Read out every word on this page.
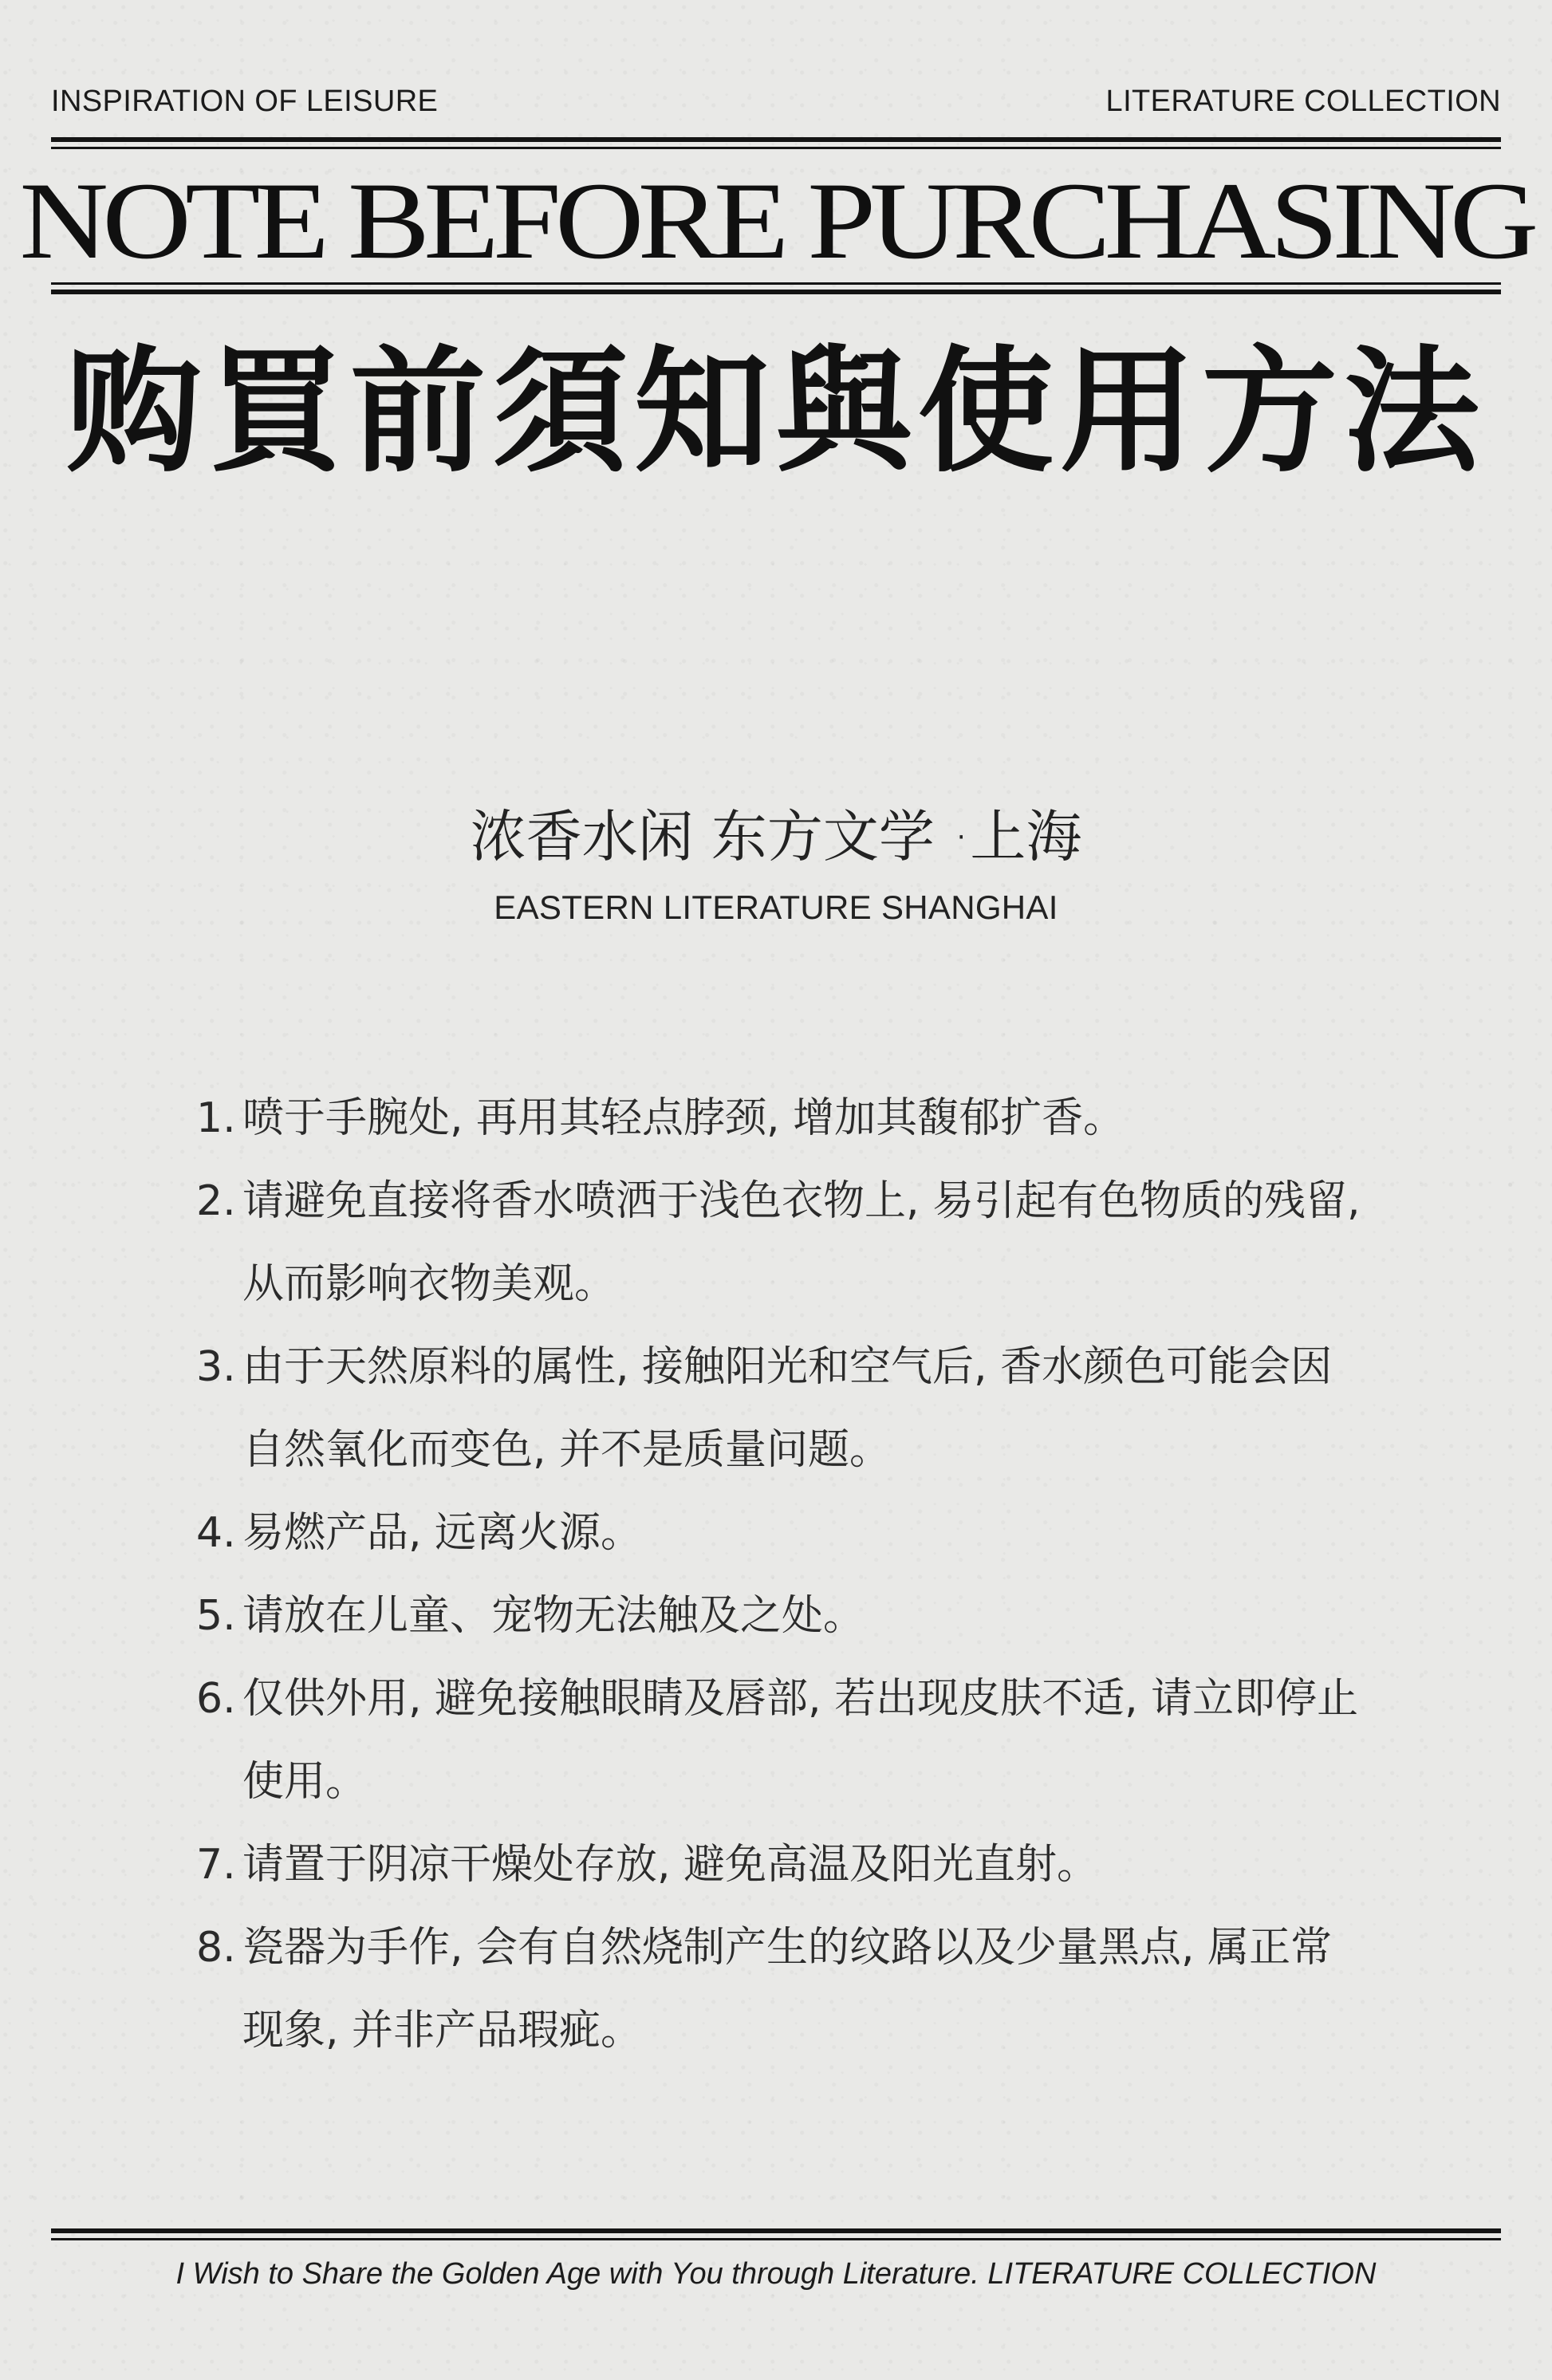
INSPIRATION OF LEISURE	LITERATURE COLLECTION
NOTE BEFORE PURCHASING
购買前須知與使用方法
浓香水闲 东方文学 ·上海
EASTERN LITERATURE SHANGHAI
1. 喷于手腕处, 再用其轻点脖颈, 增加其馥郁扩香。
2. 请避免直接将香水喷洒于浅色衣物上, 易引起有色物质的残留, 从而影响衣物美观。
3. 由于天然原料的属性, 接触阳光和空气后, 香水颜色可能会因自然氧化而变色, 并不是质量问题。
4. 易燃产品, 远离火源。
5. 请放在儿童、宠物无法触及之处。
6. 仅供外用, 避免接触眼睛及唇部, 若出现皮肤不适, 请立即停止使用。
7. 请置于阴凉干燥处存放, 避免高温及阳光直射。
8. 瓷器为手作, 会有自然烧制产生的纹路以及少量黑点, 属正常现象, 并非产品瑕疵。
I Wish to Share the Golden Age with You through Literature. LITERATURE COLLECTION
